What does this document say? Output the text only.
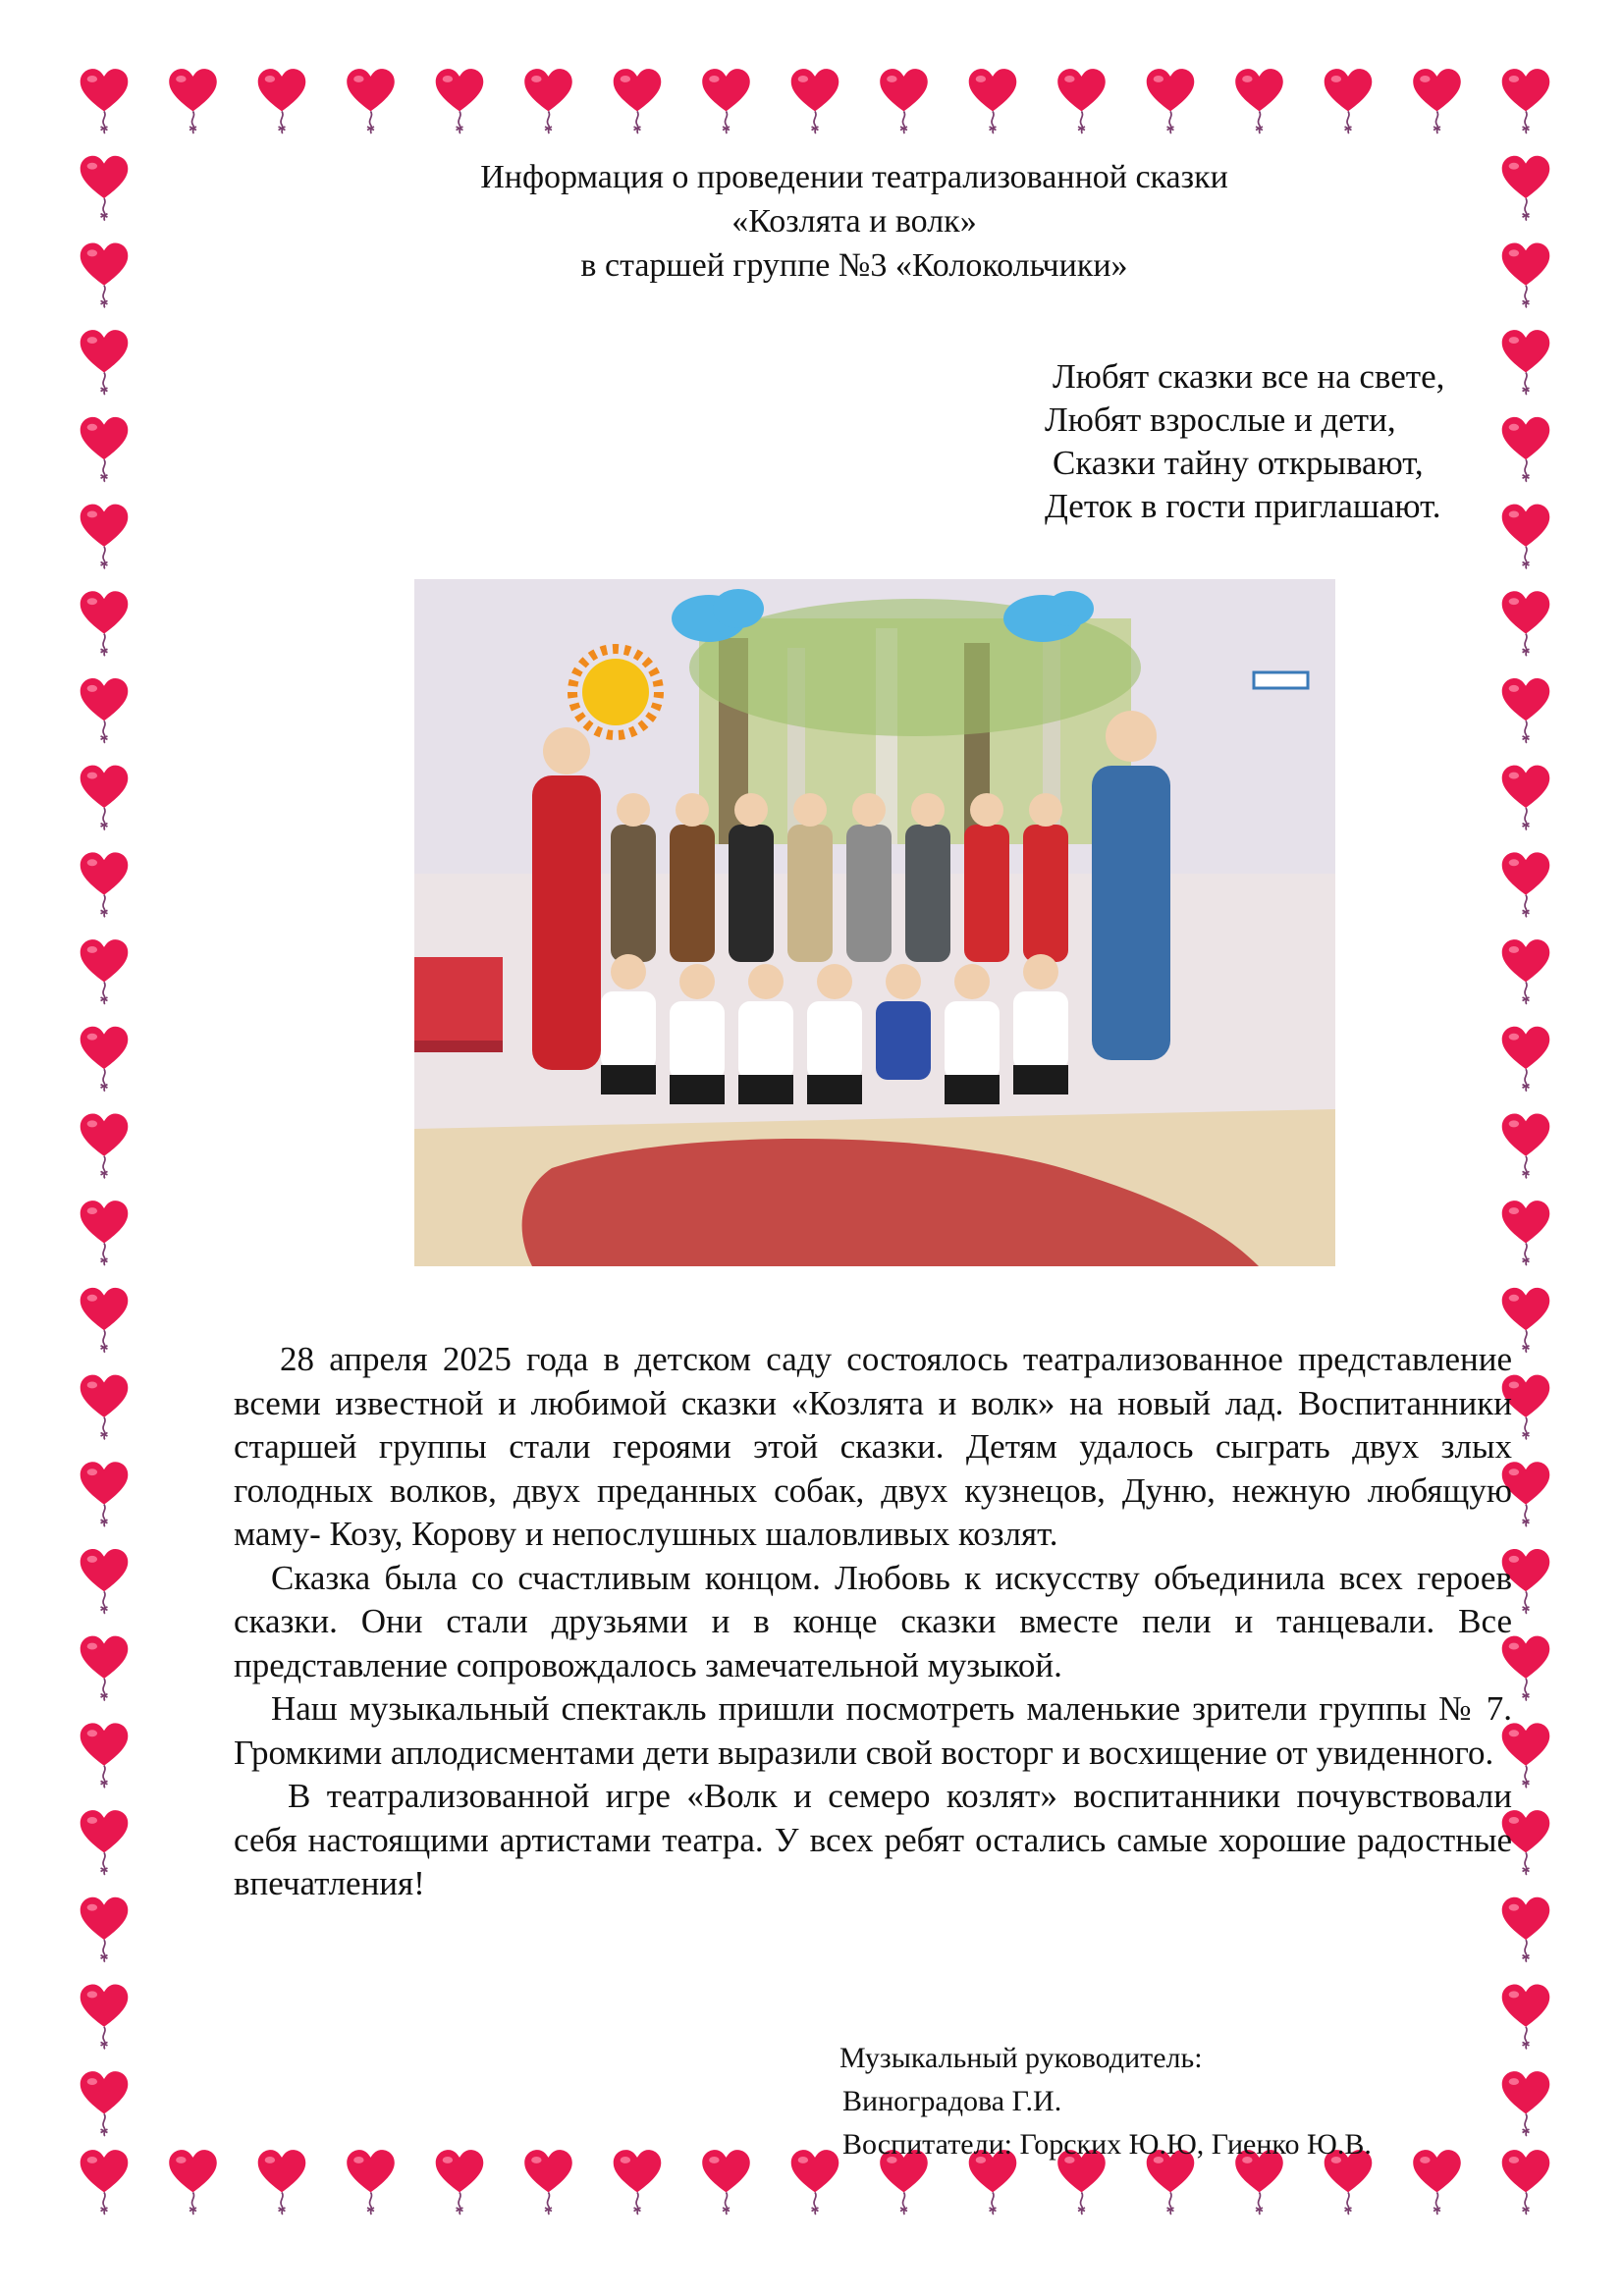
Информация о проведении театрализованной сказки
«Козлята и волк»
в старшей группе №3 «Колокольчики»
Любят сказки все на свете,
Любят взрослые и дети,
Сказки тайну открывают,
Деток в гости приглашают.

28 апреля 2025 года в детском саду состоялось театрализованное представление всеми известной и любимой сказки «Козлята и волк» на новый лад. Воспитанники старшей группы стали героями этой сказки. Детям удалось сыграть двух злых голодных волков, двух преданных собак, двух кузнецов, Дуню, нежную любящую маму- Козу, Корову и непослушных шаловливых козлят.

Сказка была со счастливым концом. Любовь к искусству объединила всех героев сказки. Они стали друзьями и в конце сказки вместе пели и танцевали. Все представление сопровождалось замечательной музыкой.

Наш музыкальный спектакль пришли посмотреть маленькие зрители группы № 7. Громкими аплодисментами дети выразили свой восторг и восхищение от увиденного.

В театрализованной игре «Волк и семеро козлят» воспитанники почувствовали себя настоящими артистами театра. У всех ребят остались самые хорошие радостные впечатления!

Музыкальный руководитель:
Виноградова Г.И.
Воспитатели: Горских Ю.Ю, Гиенко Ю.В.
